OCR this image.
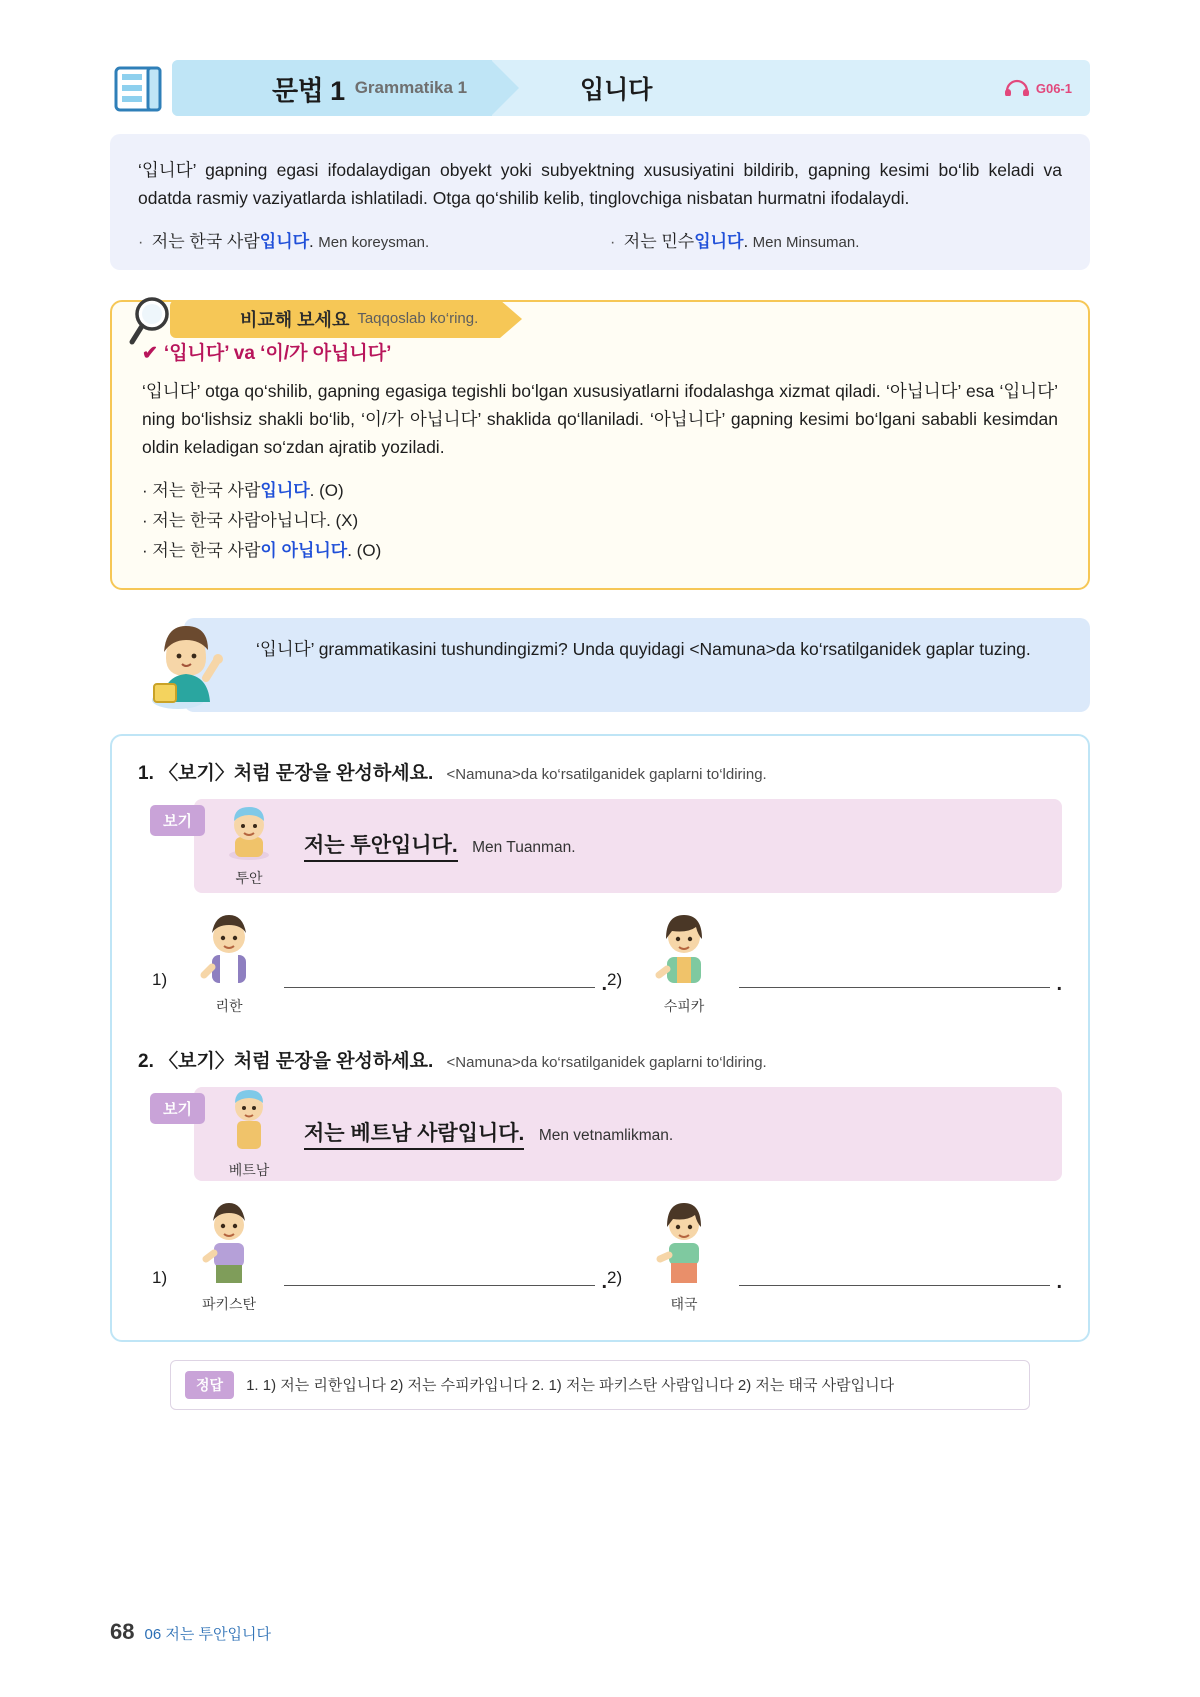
문법 1 Grammatika 1	입니다	G06-1
‘입니다’ gapning egasi ifodalaydigan obyekt yoki subyektning xususiyatini bildirib, gapning kesimi bo‘lib keladi va odatda rasmiy vaziyatlarda ishlatiladi. Otga qo‘shilib kelib, tinglovchiga nisbatan hurmatni ifodalaydi.
· 저는 한국 사람입니다. Men koreysman.	· 저는 민수입니다. Men Minsuman.
비교해 보세요 Taqqoslab ko‘ring.
✔ ‘입니다’ va ‘이/가 아닙니다’
‘입니다’ otga qo‘shilib, gapning egasiga tegishli bo‘lgan xususiyatlarni ifodalashga xizmat qiladi. ‘아닙니다’ esa ‘입니다’ ning bo‘lishsiz shakli bo‘lib, ‘이/가 아닙니다’ shaklida qo‘llaniladi. ‘아닙니다’ gapning kesimi bo‘lgani sababli kesimdan oldin keladigan so‘zdan ajratib yoziladi.
· 저는 한국 사람입니다. (O)
· 저는 한국 사람아닙니다. (X)
· 저는 한국 사람이 아닙니다. (O)
‘입니다’ grammatikasini tushundingizmi? Unda quyidagi <Namuna>da ko‘rsatilganidek gaplar tuzing.
1. 〈보기〉처럼 문장을 완성하세요. <Namuna>da ko‘rsatilganidek gaplarni to‘ldiring.
보기
투안
저는 투안입니다. Men Tuanman.
1)
리한
. 2)
수피카
.
2. 〈보기〉처럼 문장을 완성하세요. <Namuna>da ko‘rsatilganidek gaplarni to‘ldiring.
보기
베트남
저는 베트남 사람입니다. Men vetnamlikman.
1)
파키스탄
. 2)
태국
.
정답	1. 1) 저는 리한입니다 2) 저는 수피카입니다 2. 1) 저는 파키스탄 사람입니다 2) 저는 태국 사람입니다
68 06 저는 투안입니다
